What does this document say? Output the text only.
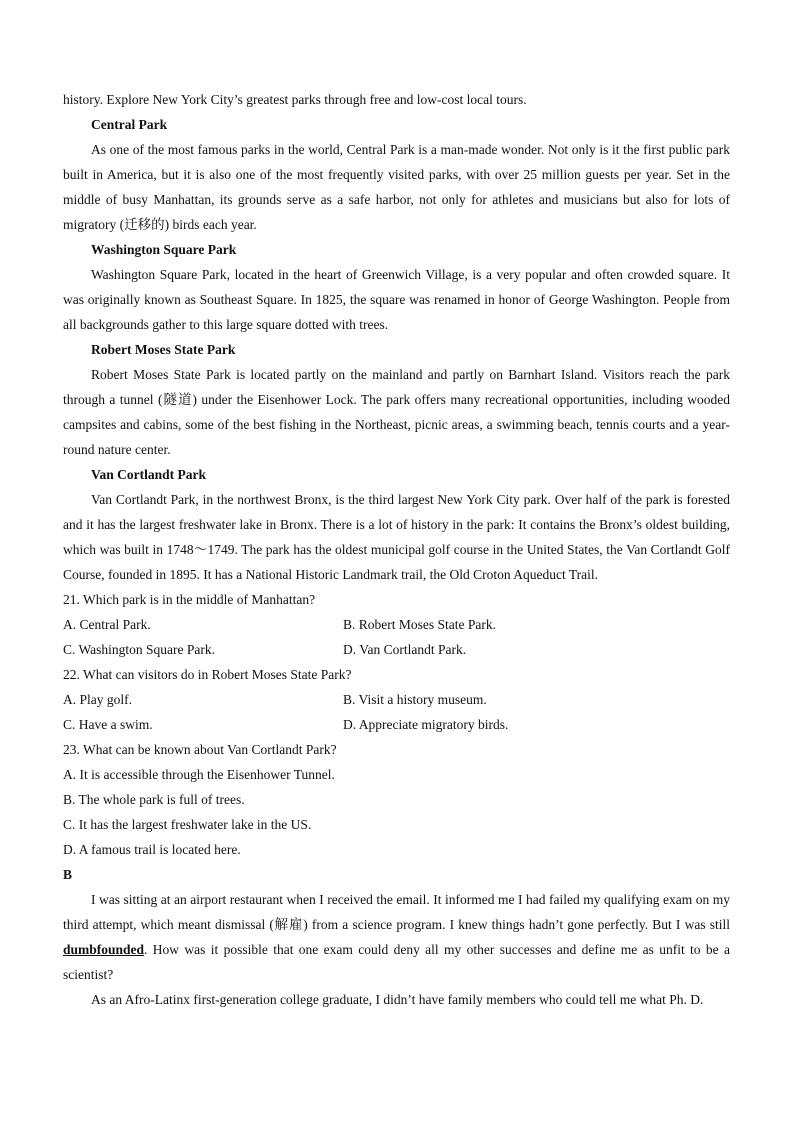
history. Explore New York City’s greatest parks through free and low-cost local tours.

Central Park

As one of the most famous parks in the world, Central Park is a man-made wonder. Not only is it the first public park built in America, but it is also one of the most frequently visited parks, with over 25 million guests per year. Set in the middle of busy Manhattan, its grounds serve as a safe harbor, not only for athletes and musicians but also for lots of migratory (迁移的) birds each year.

Washington Square Park

Washington Square Park, located in the heart of Greenwich Village, is a very popular and often crowded square. It was originally known as Southeast Square. In 1825, the square was renamed in honor of George Washington. People from all backgrounds gather to this large square dotted with trees.

Robert Moses State Park

Robert Moses State Park is located partly on the mainland and partly on Barnhart Island. Visitors reach the park through a tunnel (隧道) under the Eisenhower Lock. The park offers many recreational opportunities, including wooded campsites and cabins, some of the best fishing in the Northeast, picnic areas, a swimming beach, tennis courts and a year-round nature center.

Van Cortlandt Park

Van Cortlandt Park, in the northwest Bronx, is the third largest New York City park. Over half of the park is forested and it has the largest freshwater lake in Bronx. There is a lot of history in the park: It contains the Bronx’s oldest building, which was built in 1748～1749. The park has the oldest municipal golf course in the United States, the Van Cortlandt Golf Course, founded in 1895. It has a National Historic Landmark trail, the Old Croton Aqueduct Trail.

21. Which park is in the middle of Manhattan?

A. Central Park.	B. Robert Moses State Park.
C. Washington Square Park.	D. Van Cortlandt Park.

22. What can visitors do in Robert Moses State Park?

A. Play golf.	B. Visit a history museum.
C. Have a swim.	D. Appreciate migratory birds.

23. What can be known about Van Cortlandt Park?

A. It is accessible through the Eisenhower Tunnel.

B. The whole park is full of trees.

C. It has the largest freshwater lake in the US.

D. A famous trail is located here.

B

I was sitting at an airport restaurant when I received the email. It informed me I had failed my qualifying exam on my third attempt, which meant dismissal (解雇) from a science program. I knew things hadn’t gone perfectly. But I was still dumbfounded. How was it possible that one exam could deny all my other successes and define me as unfit to be a scientist?

As an Afro-Latinx first-generation college graduate, I didn’t have family members who could tell me what Ph. D.
